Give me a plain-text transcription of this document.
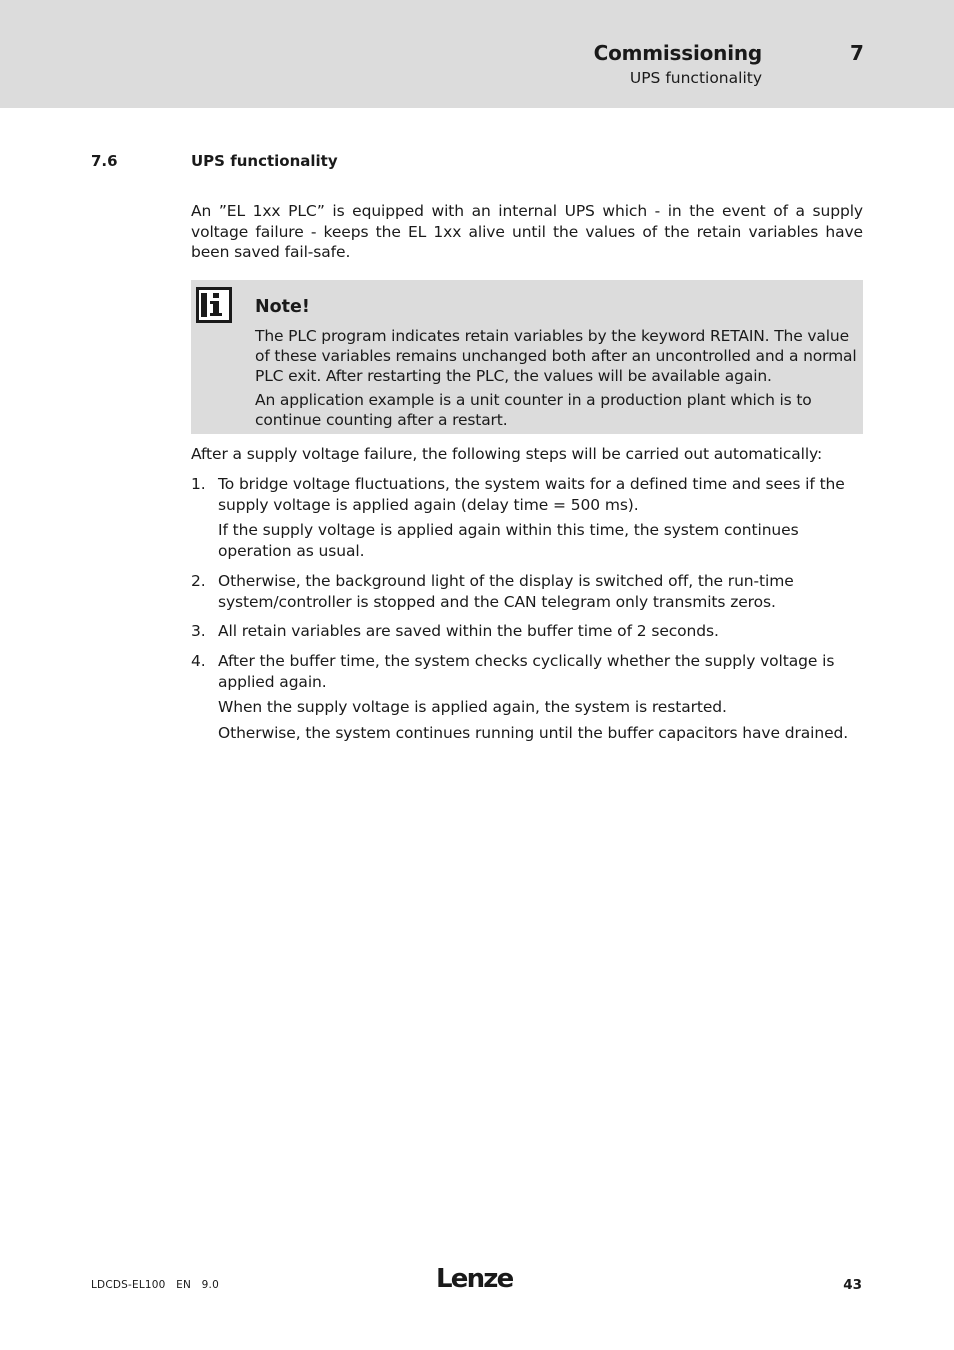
Commissioning	7
UPS functionality
7.6	UPS functionality

An ”EL 1xx PLC” is equipped with an internal UPS which - in the event of a supply voltage failure - keeps the EL 1xx alive until the values of the retain variables have been saved fail-safe.

Note!

The PLC program indicates retain variables by the keyword RETAIN. The value of these variables remains unchanged both after an uncontrolled and a normal PLC exit. After restarting the PLC, the values will be available again.

An application example is a unit counter in a production plant which is to continue counting after a restart.

After a supply voltage failure, the following steps will be carried out automatically:

1. To bridge voltage fluctuations, the system waits for a defined time and sees if the supply voltage is applied again (delay time = 500 ms).

If the supply voltage is applied again within this time, the system continues operation as usual.

2. Otherwise, the background light of the display is switched off, the run-time system/controller is stopped and the CAN telegram only transmits zeros.
3. All retain variables are saved within the buffer time of 2 seconds.
4. After the buffer time, the system checks cyclically whether the supply voltage is applied again.

When the supply voltage is applied again, the system is restarted.

Otherwise, the system continues running until the buffer capacitors have drained.

LDCDS-EL100   EN   9.0	Lenze	43
